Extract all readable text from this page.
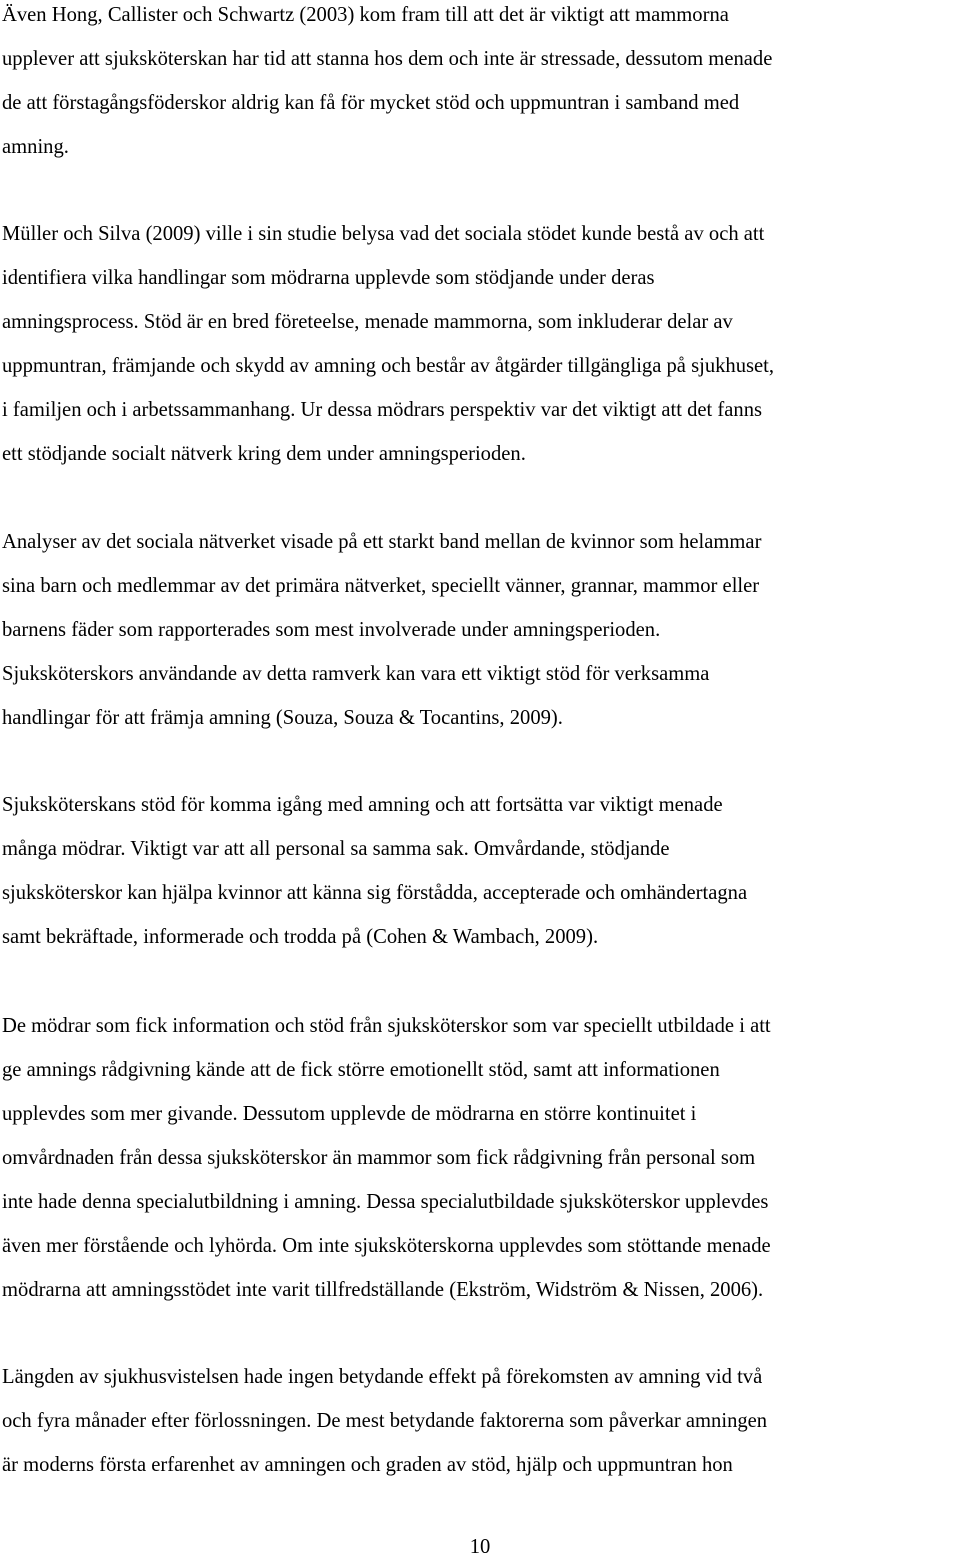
Även Hong, Callister och Schwartz (2003) kom fram till att det är viktigt att mammorna
upplever att sjuksköterskan har tid att stanna hos dem och inte är stressade, dessutom menade
de att förstagångsföderskor aldrig kan få för mycket stöd och uppmuntran i samband med
amning.

Müller och Silva (2009) ville i sin studie belysa vad det sociala stödet kunde bestå av och att
identifiera vilka handlingar som mödrarna upplevde som stödjande under deras
amningsprocess. Stöd är en bred företeelse, menade mammorna, som inkluderar delar av
uppmuntran, främjande och skydd av amning och består av åtgärder tillgängliga på sjukhuset,
i familjen och i arbetssammanhang. Ur dessa mödrars perspektiv var det viktigt att det fanns
ett stödjande socialt nätverk kring dem under amningsperioden.

Analyser av det sociala nätverket visade på ett starkt band mellan de kvinnor som helammar
sina barn och medlemmar av det primära nätverket, speciellt vänner, grannar, mammor eller
barnens fäder som rapporterades som mest involverade under amningsperioden.
Sjuksköterskors användande av detta ramverk kan vara ett viktigt stöd för verksamma
handlingar för att främja amning (Souza, Souza & Tocantins, 2009).

Sjuksköterskans stöd för komma igång med amning och att fortsätta var viktigt menade
många mödrar. Viktigt var att all personal sa samma sak. Omvårdande, stödjande
sjuksköterskor kan hjälpa kvinnor att känna sig förstådda, accepterade och omhändertagna
samt bekräftade, informerade och trodda på (Cohen & Wambach, 2009).

De mödrar som fick information och stöd från sjuksköterskor som var speciellt utbildade i att
ge amnings rådgivning kände att de fick större emotionellt stöd, samt att informationen
upplevdes som mer givande. Dessutom upplevde de mödrarna en större kontinuitet i
omvårdnaden från dessa sjuksköterskor än mammor som fick rådgivning från personal som
inte hade denna specialutbildning i amning. Dessa specialutbildade sjuksköterskor upplevdes
även mer förstående och lyhörda. Om inte sjuksköterskorna upplevdes som stöttande menade
mödrarna att amningsstödet inte varit tillfredställande (Ekström, Widström & Nissen, 2006).

Längden av sjukhusvistelsen hade ingen betydande effekt på förekomsten av amning vid två
och fyra månader efter förlossningen. De mest betydande faktorerna som påverkar amningen
är moderns första erfarenhet av amningen och graden av stöd, hjälp och uppmuntran hon

10
